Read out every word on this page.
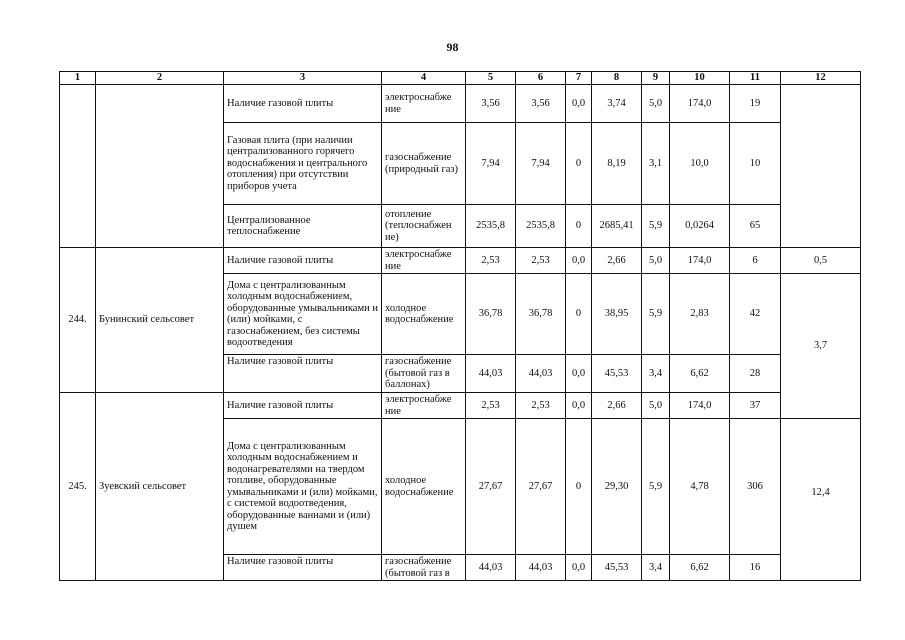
98
1	2	3	4	5	6	7	8	9	10	11	12
		Наличие газовой плиты	электроснабже ние	3,56	3,56	0,0	3,74	5,0	174,0	19	
		Газовая плита (при наличии централизованного горячего водоснабжения и центрального отопления) при отсутствии приборов учета	газоснабжение (природный газ)	7,94	7,94	0	8,19	3,1	10,0	10	
		Централизованное теплоснабжение	отопление (теплоснабжен ие)	2535,8	2535,8	0	2685,41	5,9	0,0264	65	
244.	Бунинский сельсовет	Наличие газовой плиты	электроснабже ние	2,53	2,53	0,0	2,66	5,0	174,0	6	0,5
		Дома с централизованным холодным водоснабжением, оборудованные умывальниками и (или) мойками, с газоснабжением, без системы водоотведения	холодное водоснабжение	36,78	36,78	0	38,95	5,9	2,83	42	3,7
		Наличие газовой плиты	газоснабжение (бытовой газ в баллонах)	44,03	44,03	0,0	45,53	3,4	6,62	28	
245.	Зуевский сельсовет	Наличие газовой плиты	электроснабже ние	2,53	2,53	0,0	2,66	5,0	174,0	37	
		Дома с централизованным холодным водоснабжением и водонагревателями на твердом топливе, оборудованные умывальниками и (или) мойками, с системой водоотведения, оборудованные ваннами и (или) душем	холодное водоснабжение	27,67	27,67	0	29,30	5,9	4,78	306	12,4
		Наличие газовой плиты	газоснабжение (бытовой газ в	44,03	44,03	0,0	45,53	3,4	6,62	16	
